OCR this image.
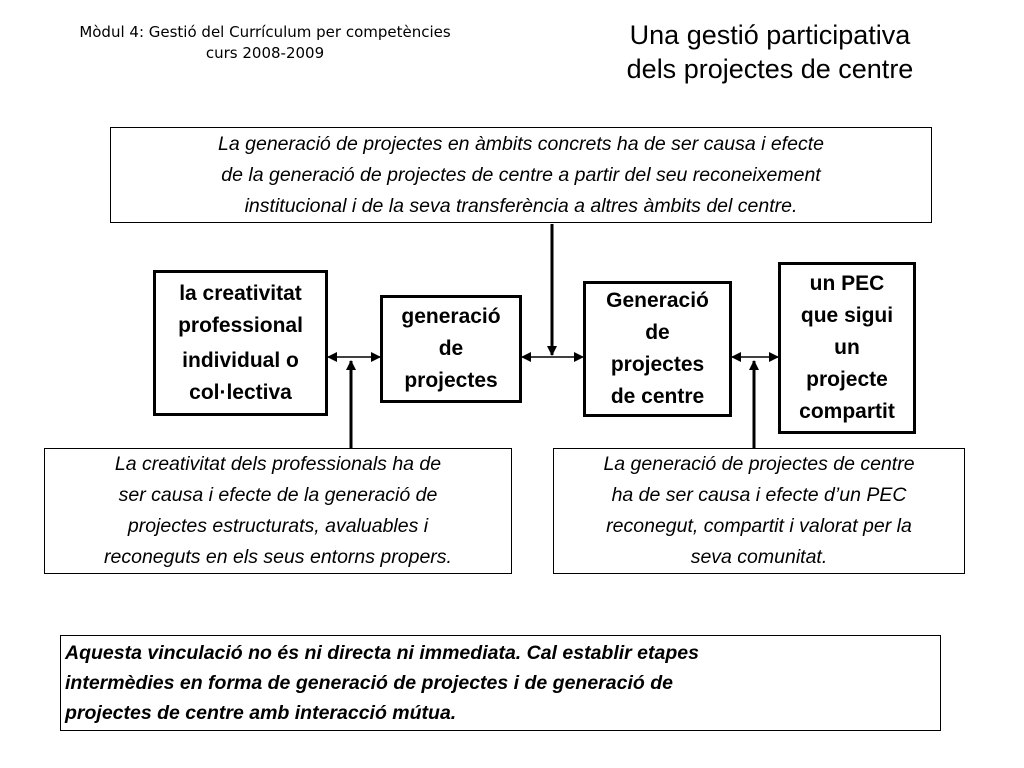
Mòdul 4: Gestió del Currículum per competències
curs 2008-2009
Una gestió participativa
dels projectes de centre
La generació de projectes en àmbits concrets ha de ser causa i efecte
de la generació de projectes de centre a partir del seu reconeixement
institucional i de la seva transferència a altres àmbits del centre.
la creativitat
professional
individual o
col·lectiva
generació
de
projectes
Generació
de
projectes
de centre
un PEC
que sigui
un
projecte
compartit
La creativitat dels professionals ha de
ser causa i efecte de la generació de
projectes estructurats, avaluables i
reconeguts en els seus entorns propers.
La generació de projectes de centre
ha de ser causa i efecte d’un PEC
reconegut, compartit i valorat per la
seva comunitat.
Aquesta vinculació no és ni directa ni immediata. Cal establir etapes
intermèdies en forma de generació de projectes i de generació de
projectes de centre amb interacció mútua.
